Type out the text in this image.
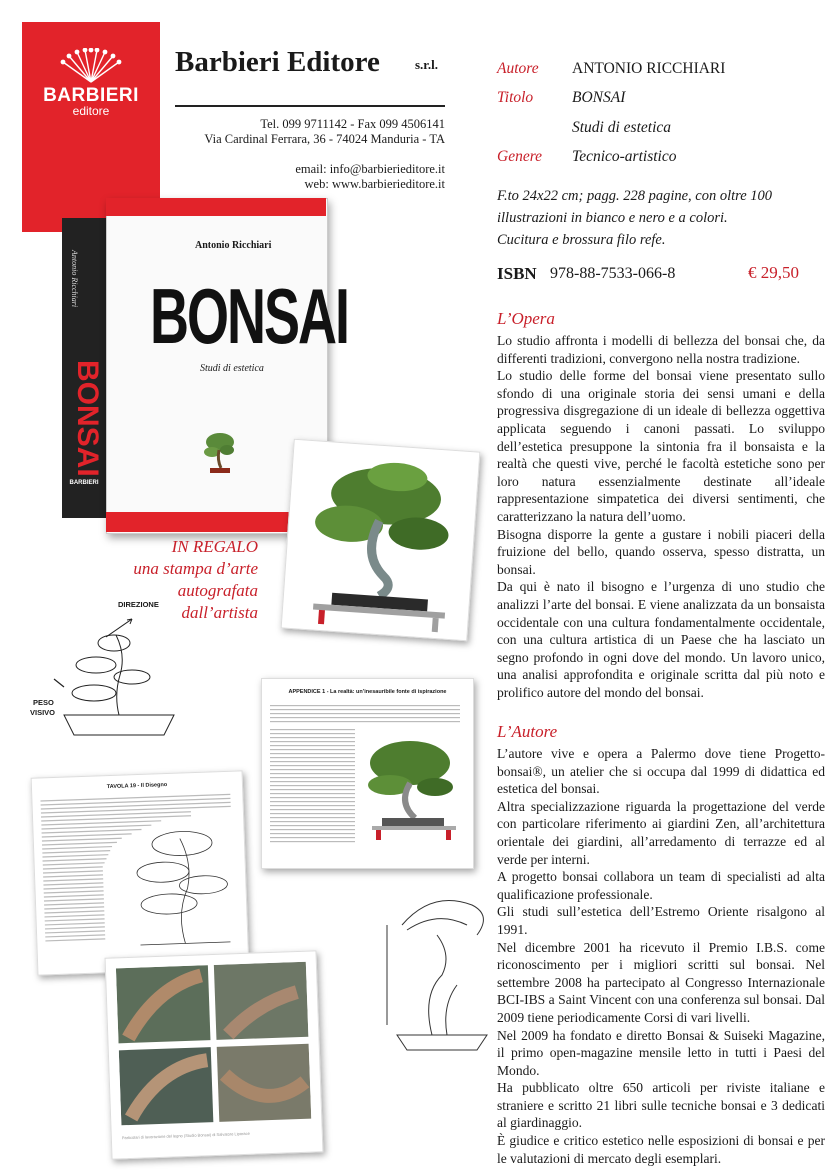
BARBIERI
editore
Barbieri Editore	s.r.l.
Tel. 099 9711142 - Fax 099 4506141
Via Cardinal Ferrara, 36 - 74024 Manduria - TA
email: info@barbierieditore.it
web: www.barbierieditore.it
Antonio Ricchiari
BONSAI
BARBIERI
Antonio Ricchiari
BONSAI
Studi di estetica
IN REGALO
una stampa d’arte
autografata
dall’artista
DIREZIONE
PESO
VISIVO
APPENDICE 1 - La realtà: un’inesauribile fonte di ispirazione
TAVOLA 19 - Il Disegno
Particolari di lavorazione del legno (Studio Bonsai) di Salvatore Liporace
Autore ANTONIO RICCHIARI
Titolo	BONSAI
Studi di estetica
Genere Tecnico-artistico
F.to 24x22 cm; pagg. 228 pagine, con oltre 100
illustrazioni in bianco e nero e a colori.
Cucitura e brossura filo refe.
ISBN 978-88-7533-066-8	€ 29,50
L’Opera

Lo studio affronta i modelli di bellezza del bonsai che, da differenti tradizioni, convergono nella nostra tradizione.

Lo studio delle forme del bonsai viene presentato sullo sfondo di una originale storia dei sensi umani e della progressiva disgregazione di un ideale di bellezza oggettiva applicata seguendo i canoni passati. Lo sviluppo dell’estetica presuppone la sintonia fra il bonsaista e la realtà che questi vive, perché le facoltà estetiche sono per loro natura essenzialmente destinate all’ideale rappresentazione simpatetica dei diversi sentimenti, che caratterizzano la natura dell’uomo.

Bisogna disporre la gente a gustare i nobili piaceri della fruizione del bello, quando osserva, spesso distratta, un bonsai.

Da qui è nato il bisogno e l’urgenza di uno studio che analizzi l’arte del bonsai. E viene analizzata da un bonsaista occidentale con una cultura fondamentalmente occidentale, con una cultura artistica di un Paese che ha lasciato un segno profondo in ogni dove del mondo. Un lavoro unico, una analisi approfondita e originale scritta dal più noto e prolifico autore del mondo del bonsai.

L’Autore

L’autore vive e opera a Palermo dove tiene Progetto-bonsai®, un atelier che si occupa dal 1999 di didattica ed estetica del bonsai.

Altra specializzazione riguarda la progettazione del verde con particolare riferimento ai giardini Zen, all’architettura orientale dei giardini, all’arredamento di terrazze ed al verde per interni.

A progetto bonsai collabora un team di specialisti ad alta qualificazione professionale.

Gli studi sull’estetica dell’Estremo Oriente risalgono al 1991.

Nel dicembre 2001 ha ricevuto il Premio I.B.S. come riconoscimento per i migliori scritti sul bonsai. Nel settembre 2008 ha partecipato al Congresso Internazionale BCI-IBS a Saint Vincent con una conferenza sul bonsai. Dal 2009 tiene periodicamente Corsi di vari livelli.

Nel 2009 ha fondato e diretto Bonsai & Suiseki Magazine, il primo open-magazine mensile letto in tutti i Paesi del Mondo.

Ha pubblicato oltre 650 articoli per riviste italiane e straniere e scritto 21 libri sulle tecniche bonsai e 3 dedicati al giardinaggio.

È giudice e critico estetico nelle esposizioni di bonsai e per le valutazioni di mercato degli esemplari.
